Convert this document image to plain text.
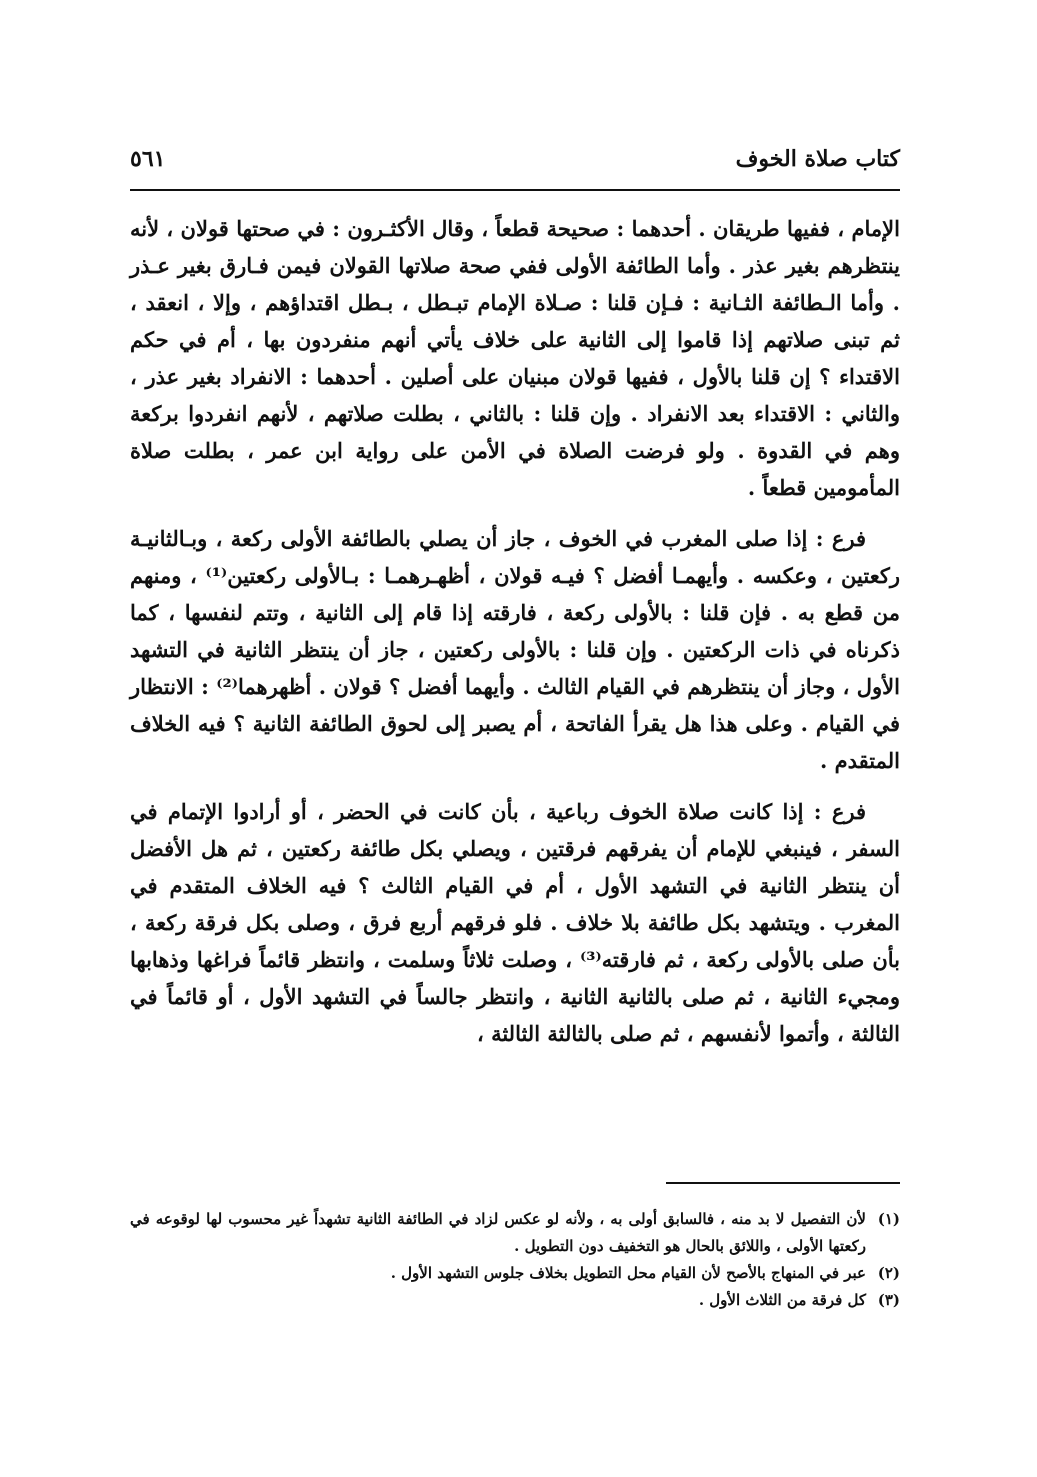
كتاب صلاة الخوف
٥٦١

الإمام ، ففيها طريقان . أحدهما : صحيحة قطعاً ، وقال الأكثـرون : في صحتها قولان ، لأنه ينتظرهم بغير عذر . وأما الطائفة الأولى ففي صحة صلاتها القولان فيمن فـارق بغير عـذر . وأما الـطائفة الثـانية : فـإن قلنا : صـلاة الإمام تبـطل ، بـطل اقتداؤهم ، وإلا ، انعقد ، ثم تبنى صلاتهم إذا قاموا إلى الثانية على خلاف يأتي أنهم منفردون بها ، أم في حكم الاقتداء ؟ إن قلنا بالأول ، ففيها قولان مبنيان على أصلين . أحدهما : الانفراد بغير عذر ، والثاني : الاقتداء بعد الانفراد . وإن قلنا : بالثاني ، بطلت صلاتهم ، لأنهم انفردوا بركعة وهم في القدوة . ولو فرضت الصلاة في الأمن على رواية ابن عمر ، بطلت صلاة المأمومين قطعاً .

فرع : إذا صلى المغرب في الخوف ، جاز أن يصلي بالطائفة الأولى ركعة ، وبـالثانيـة ركعتين ، وعكسه . وأيهمـا أفضل ؟ فيـه قولان ، أظهـرهمـا : بـالأولى ركعتين⁽¹⁾ ، ومنهم من قطع به . فإن قلنا : بالأولى ركعة ، فارقته إذا قام إلى الثانية ، وتتم لنفسها ، كما ذكرناه في ذات الركعتين . وإن قلنا : بالأولى ركعتين ، جاز أن ينتظر الثانية في التشهد الأول ، وجاز أن ينتظرهم في القيام الثالث . وأيهما أفضل ؟ قولان . أظهرهما⁽²⁾ : الانتظار في القيام . وعلى هذا هل يقرأ الفاتحة ، أم يصبر إلى لحوق الطائفة الثانية ؟ فيه الخلاف المتقدم .

فرع : إذا كانت صلاة الخوف رباعية ، بأن كانت في الحضر ، أو أرادوا الإتمام في السفر ، فينبغي للإمام أن يفرقهم فرقتين ، ويصلي بكل طائفة ركعتين ، ثم هل الأفضل أن ينتظر الثانية في التشهد الأول ، أم في القيام الثالث ؟ فيه الخلاف المتقدم في المغرب . ويتشهد بكل طائفة بلا خلاف . فلو فرقهم أربع فرق ، وصلى بكل فرقة ركعة ، بأن صلى بالأولى ركعة ، ثم فارقته⁽³⁾ ، وصلت ثلاثاً وسلمت ، وانتظر قائماً فراغها وذهابها ومجيء الثانية ، ثم صلى بالثانية الثانية ، وانتظر جالساً في التشهد الأول ، أو قائماً في الثالثة ، وأتموا لأنفسهم ، ثم صلى بالثالثة الثالثة ،

(١)لأن التفصيل لا بد منه ، فالسابق أولى به ، ولأنه لو عكس لزاد في الطائفة الثانية تشهداً غير محسوب لها لوقوعه في ركعتها الأولى ، واللائق بالحال هو التخفيف دون التطويل .

(٢)عبر في المنهاج بالأصح لأن القيام محل التطويل بخلاف جلوس التشهد الأول .

(٣)كل فرقة من الثلاث الأول .
